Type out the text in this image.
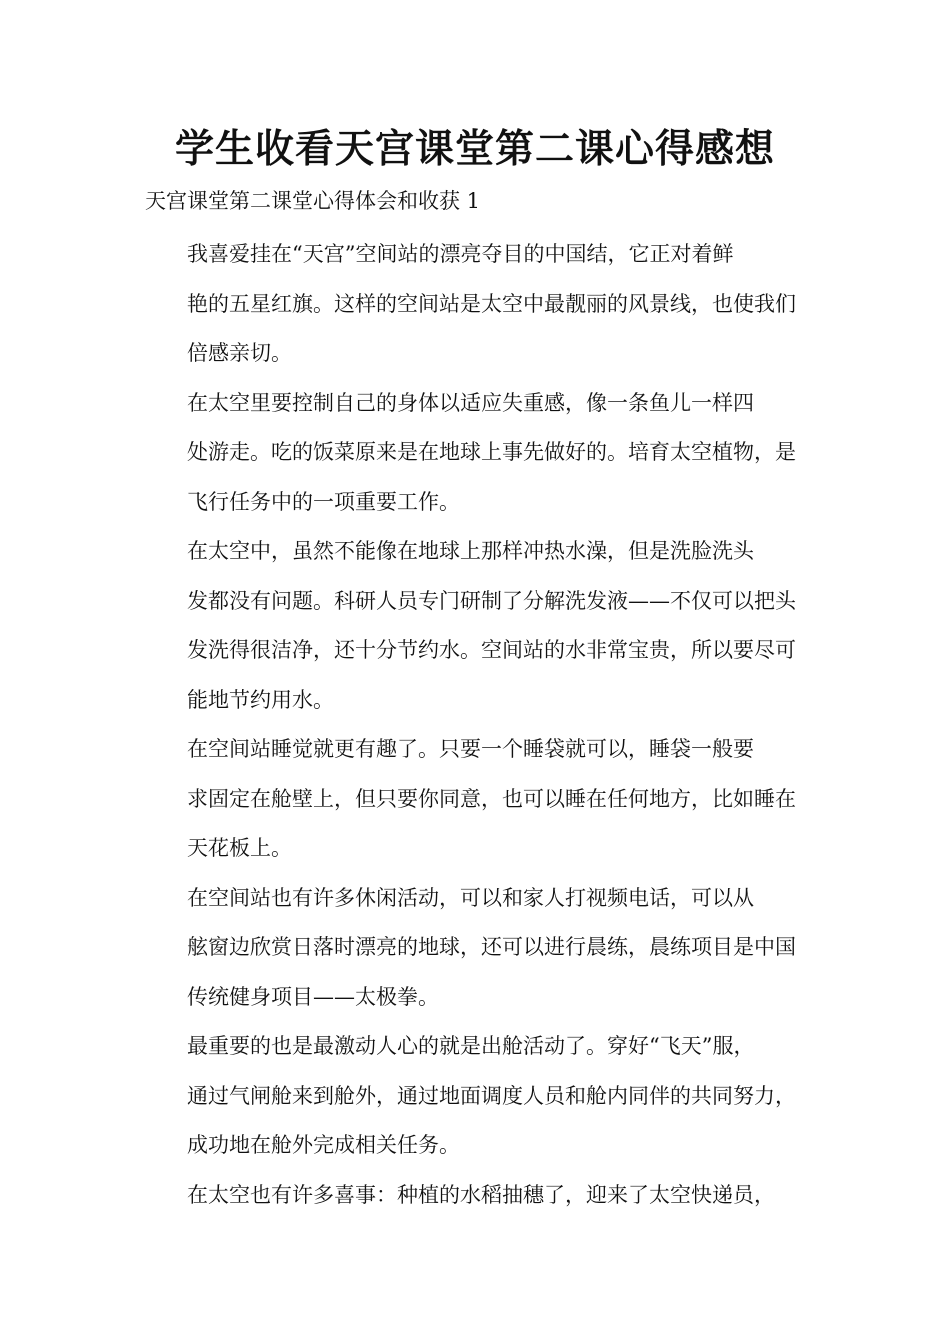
学生收看天宫课堂第二课心得感想

天宫课堂第二课堂心得体会和收获 1

我喜爱挂在“天宫”空间站的漂亮夺目的中国结，它正对着鲜
艳的五星红旗。这样的空间站是太空中最靓丽的风景线，也使我们
倍感亲切。

在太空里要控制自己的身体以适应失重感，像一条鱼儿一样四
处游走。吃的饭菜原来是在地球上事先做好的。培育太空植物，是
飞行任务中的一项重要工作。

在太空中，虽然不能像在地球上那样冲热水澡，但是洗脸洗头
发都没有问题。科研人员专门研制了分解洗发液——不仅可以把头
发洗得很洁净，还十分节约水。空间站的水非常宝贵，所以要尽可
能地节约用水。

在空间站睡觉就更有趣了。只要一个睡袋就可以，睡袋一般要
求固定在舱壁上，但只要你同意，也可以睡在任何地方，比如睡在
天花板上。

在空间站也有许多休闲活动，可以和家人打视频电话，可以从
舷窗边欣赏日落时漂亮的地球，还可以进行晨练，晨练项目是中国
传统健身项目——太极拳。

最重要的也是最激动人心的就是出舱活动了。穿好“飞天”服，
通过气闸舱来到舱外，通过地面调度人员和舱内同伴的共同努力，
成功地在舱外完成相关任务。

在太空也有许多喜事：种植的水稻抽穗了，迎来了太空快递员，
